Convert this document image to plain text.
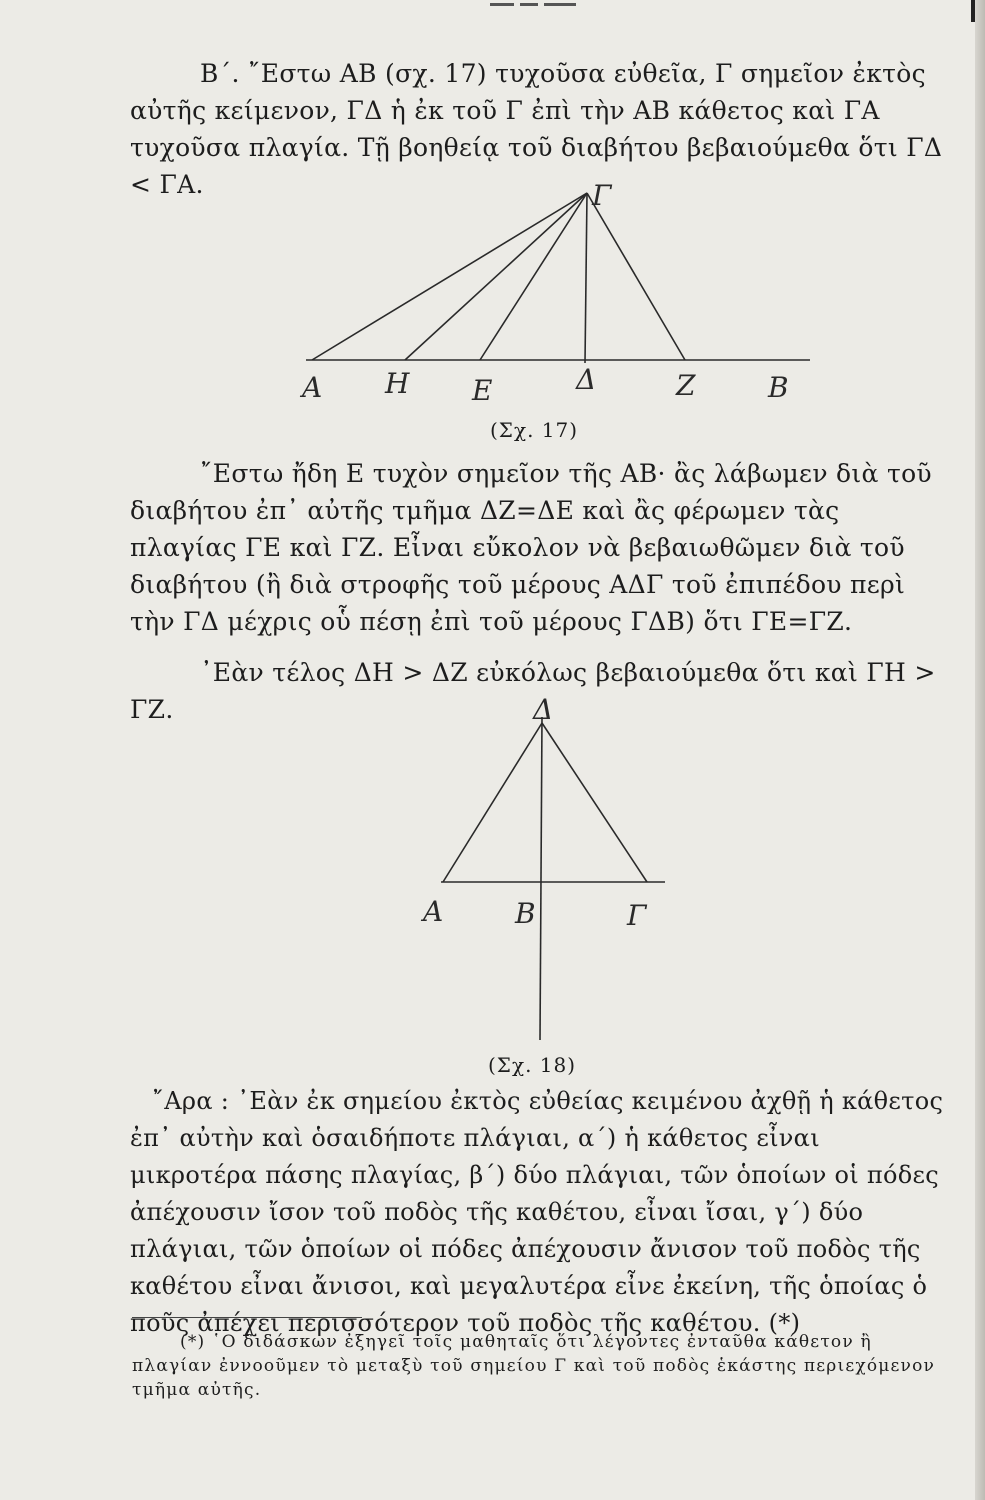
Β΄. ῎Εστω ΑΒ (σχ. 17) τυχοῦσα εὐθεῖα, Γ σημεῖον ἐκτὸς αὐτῆς κείμενον, ΓΔ ἡ ἐκ τοῦ Γ ἐπὶ τὴν ΑΒ κάθετος καὶ ΓΑ τυχοῦσα πλαγία. Τῇ βοηθείᾳ τοῦ διαβήτου βεβαιούμεθα ὅτι ΓΔ < ΓΑ.	Γ
A H E	Δ	Z	B
(Σχ. 17)

῎Εστω ἤδη Ε τυχὸν σημεῖον τῆς ΑΒ· ἂς λάβωμεν διὰ τοῦ διαβήτου ἐπ᾽ αὐτῆς τμῆμα ΔΖ=ΔΕ καὶ ἂς φέρωμεν τὰς πλαγίας ΓΕ καὶ ΓΖ. Εἶναι εὔκολον νὰ βεβαιωθῶμεν διὰ τοῦ διαβήτου (ἢ διὰ στροφῆς τοῦ μέρους ΑΔΓ τοῦ ἐπιπέδου περὶ τὴν ΓΔ μέχρις οὗ πέσῃ ἐπὶ τοῦ μέρους ΓΔΒ) ὅτι ΓΕ=ΓΖ.

᾽Εὰν τέλος ΔΗ > ΔΖ εὐκόλως βεβαιούμεθα ὅτι καὶ ΓΗ > ΓΖ.	Δ
A	B	Γ
(Σχ. 18)

῎Αρα : ᾽Εὰν ἐκ σημείου ἐκτὸς εὐθείας κειμένου ἀχθῇ ἡ κάθετος ἐπ᾽ αὐτὴν καὶ ὁσαιδήποτε πλάγιαι, α΄) ἡ κάθετος εἶναι μικροτέρα πάσης πλαγίας, β΄) δύο πλάγιαι, τῶν ὁποίων οἱ πόδες ἀπέχουσιν ἴσον τοῦ ποδὸς τῆς καθέτου, εἶναι ἴσαι, γ΄) δύο πλάγιαι, τῶν ὁποίων οἱ πόδες ἀπέχουσιν ἄνισον τοῦ ποδὸς τῆς καθέτου εἶναι ἄνισοι, καὶ μεγαλυτέρα εἶνε ἐκείνη, τῆς ὁποίας ὁ ποῦς ἀπέχει περισσότερον τοῦ ποδὸς τῆς καθέτου. (*)

(*) ῾Ο διδάσκων ἐξηγεῖ τοῖς μαθηταῖς ὅτι λέγοντες ἐνταῦθα κάθετον ἢ πλαγίαν ἐννοοῦμεν τὸ μεταξὺ τοῦ σημείου Γ καὶ τοῦ ποδὸς ἑκάστης περιεχόμενον τμῆμα αὐτῆς.
